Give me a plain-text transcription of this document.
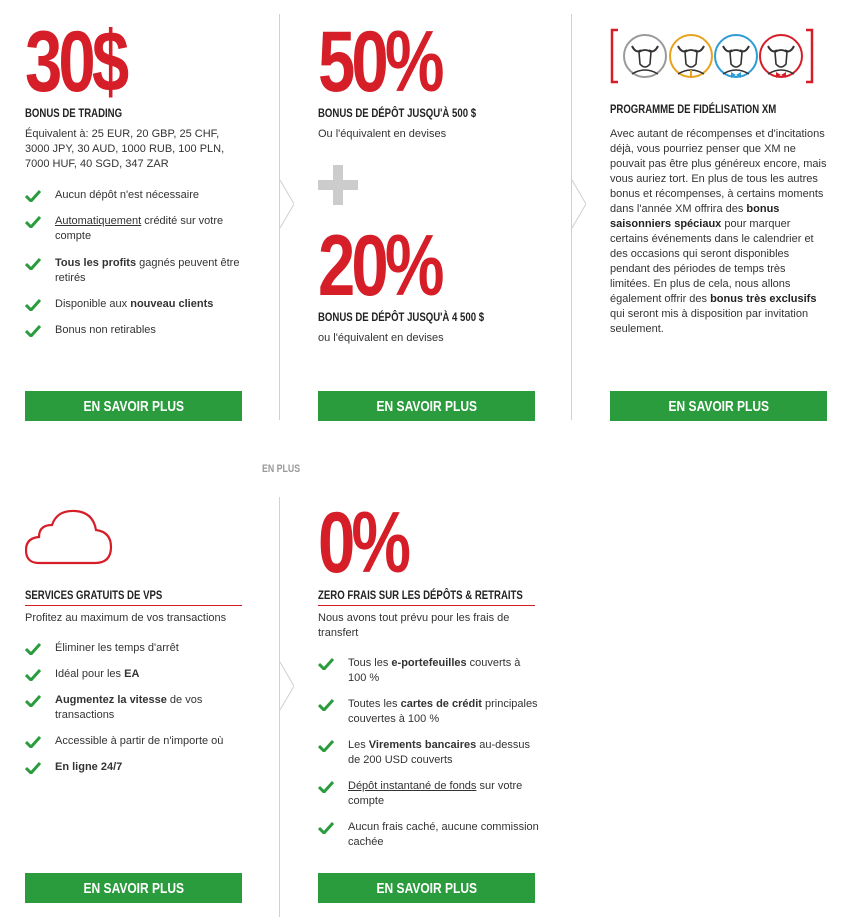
30$
BONUS DE TRADING
Équivalent à: 25 EUR, 20 GBP, 25 CHF, 3000 JPY, 30 AUD, 1000 RUB, 100 PLN, 7000 HUF, 40 SGD, 347 ZAR
Aucun dépôt n'est nécessaire
Automatiquement crédité sur votre compte
Tous les profits gagnés peuvent être retirés
Disponible aux nouveau clients
Bonus non retirables
EN SAVOIR PLUS
50%
BONUS DE DÉPÔT JUSQU'À 500 $
Ou l'équivalent en devises
20%
BONUS DE DÉPÔT JUSQU'À 4 500 $
ou l'équivalent en devises
EN SAVOIR PLUS
PROGRAMME DE FIDÉLISATION XM
Avec autant de récompenses et d'incitations déjà, vous pourriez penser que XM ne pouvait pas être plus généreux encore, mais vous auriez tort. En plus de tous les autres bonus et récompenses, à certains moments dans l'année XM offrira des bonus saisonniers spéciaux pour marquer certains événements dans le calendrier et des occasions qui seront disponibles pendant des périodes de temps très limitées. En plus de cela, nous allons également offrir des bonus très exclusifs qui seront mis à disposition par invitation seulement.
EN SAVOIR PLUS
EN PLUS
SERVICES GRATUITS DE VPS
Profitez au maximum de vos transactions
Éliminer les temps d'arrêt
Idéal pour les EA
Augmentez la vitesse de vos transactions
Accessible à partir de n'importe où
En ligne 24/7
EN SAVOIR PLUS
0%
ZERO FRAIS SUR LES DÉPÔTS & RETRAITS
Nous avons tout prévu pour les frais de transfert
Tous les e-portefeuilles couverts à 100 %
Toutes les cartes de crédit principales couvertes à 100 %
Les Virements bancaires au-dessus de 200 USD couverts
Dépôt instantané de fonds sur votre compte
Aucun frais caché, aucune commission cachée
EN SAVOIR PLUS
